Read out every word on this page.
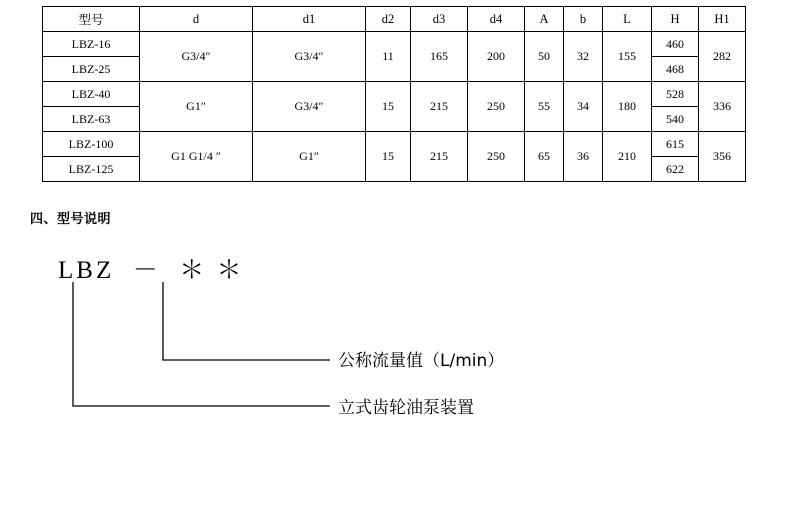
型号	d	d1	d2	d3	d4	A	b	L	H	H1
LBZ-16	G3/4″	G3/4″	11	165	200	50	32	155	460	282
LBZ-25									468	
LBZ-40	G1″	G3/4″	15	215	250	55	34	180	528	336
LBZ-63									540	
LBZ-100	G1 G1/4 ″	G1″	15	215	250	65	36	210	615	356
LBZ-125									622	
四、型号说明
LBZ  －  ＊ ＊
公称流量值（L/min）
立式齿轮油泵装置
